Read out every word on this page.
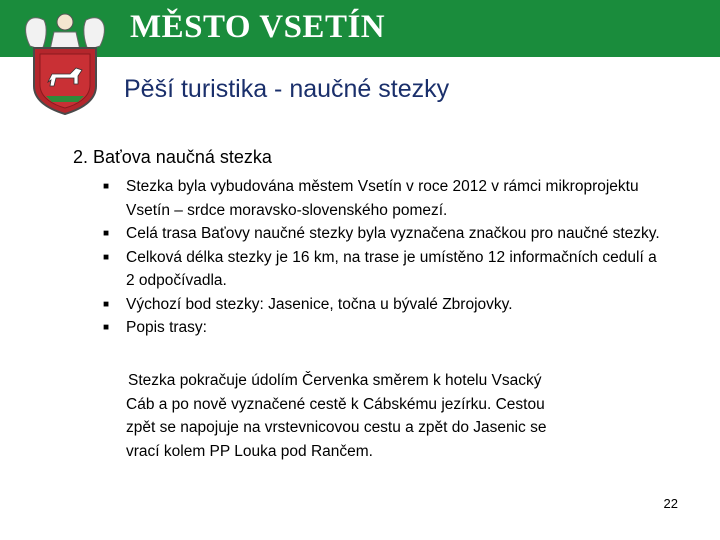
MĚSTO VSETÍN
Pěší turistika - naučné stezky
2. Baťova naučná stezka
■ Stezka byla vybudována městem Vsetín v roce 2012 v rámci mikroprojektu Vsetín – srdce moravsko-slovenského pomezí.
■ Celá trasa Baťovy naučné stezky byla vyznačena značkou pro naučné stezky.
■ Celková délka stezky je 16 km, na trase je umístěno 12 informačních cedulí a 2 odpočívadla.
■ Výchozí bod stezky: Jasenice, točna u bývalé Zbrojovky.
■ Popis trasy:
Stezka pokračuje údolím Červenka směrem k hotelu Vsacký
Cáb a po nově vyznačené cestě k Cábskému jezírku. Cestou
zpět se napojuje na vrstevnicovou cestu a zpět do Jasenic se
vrací kolem PP Louka pod Rančem.
22
